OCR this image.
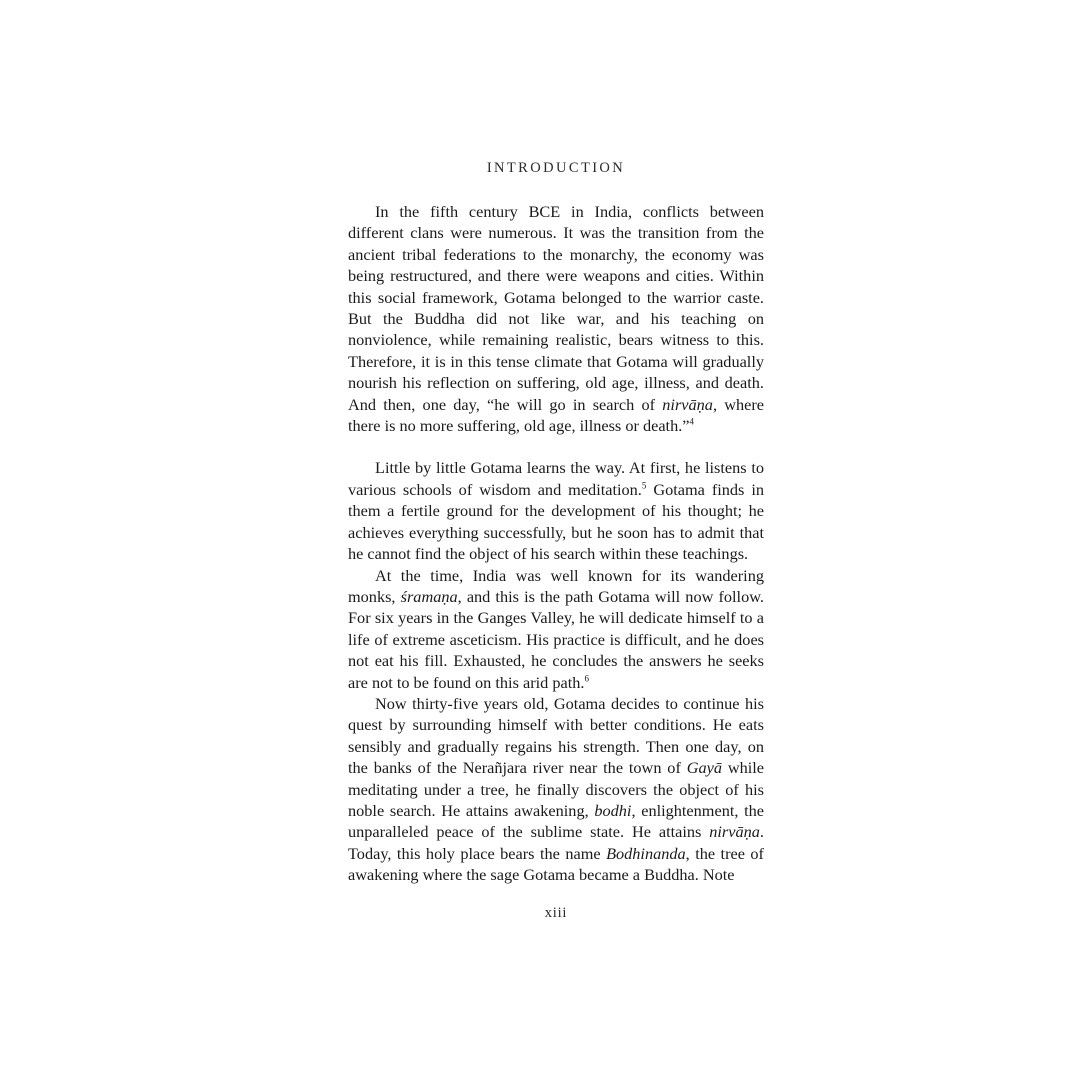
INTRODUCTION

In the fifth century BCE in India, conflicts between different clans were numerous. It was the transition from the ancient tribal federations to the monarchy, the economy was being restructured, and there were weapons and cities. Within this social framework, Gotama belonged to the warrior caste. But the Buddha did not like war, and his teaching on nonviolence, while remaining realistic, bears witness to this. Therefore, it is in this tense climate that Gotama will gradually nourish his reflection on suffering, old age, illness, and death. And then, one day, “he will go in search of nirvāṇa, where there is no more suffering, old age, illness or death.”$^4$

Little by little Gotama learns the way. At first, he listens to various schools of wisdom and meditation.$^5$ Gotama finds in them a fertile ground for the development of his thought; he achieves everything successfully, but he soon has to admit that he cannot find the object of his search within these teachings.

At the time, India was well known for its wandering monks, śramaṇa, and this is the path Gotama will now follow. For six years in the Ganges Valley, he will dedicate himself to a life of extreme asceticism. His practice is difficult, and he does not eat his fill. Exhausted, he concludes the answers he seeks are not to be found on this arid path.$^6$

Now thirty-five years old, Gotama decides to continue his quest by surrounding himself with better conditions. He eats sensibly and gradually regains his strength. Then one day, on the banks of the Nerañjara river near the town of Gayā while meditating under a tree, he finally discovers the object of his noble search. He attains awakening, bodhi, enlightenment, the unparalleled peace of the sublime state. He attains nirvāṇa. Today, this holy place bears the name Bodhinanda, the tree of awakening where the sage Gotama became a Buddha. Note

xiii
